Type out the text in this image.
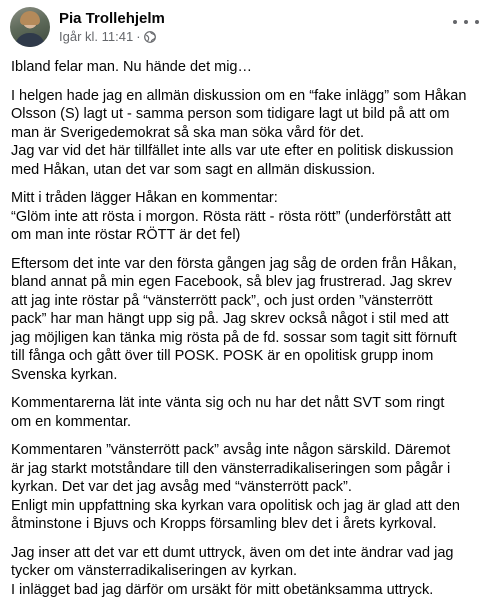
Pia Trollehjelm
Igår kl. 11:41 ·

Ibland felar man. Nu hände det mig…

I helgen hade jag en allmän diskussion om en “fake inlägg” som Håkan
Olsson (S) lagt ut - samma person som tidigare lagt ut bild på att om
man är Sverigedemokrat så ska man söka vård för det.
Jag var vid det här tillfället inte alls var ute efter en politisk diskussion
med Håkan, utan det var som sagt en allmän diskussion.

Mitt i tråden lägger Håkan en kommentar:
“Glöm inte att rösta i morgon. Rösta rätt - rösta rött” (underförstått att
om man inte röstar RÖTT är det fel)

Eftersom det inte var den första gången jag såg de orden från Håkan,
bland annat på min egen Facebook, så blev jag frustrerad. Jag skrev
att jag inte röstar på “vänsterrött pack”, och just orden ”vänsterrött
pack” har man hängt upp sig på. Jag skrev också något i stil med att
jag möjligen kan tänka mig rösta på de fd. sossar som tagit sitt förnuft
till fånga och gått över till POSK. POSK är en opolitisk grupp inom
Svenska kyrkan.

Kommentarerna lät inte vänta sig och nu har det nått SVT som ringt
om en kommentar.

Kommentaren ”vänsterrött pack” avsåg inte någon särskild. Däremot
är jag starkt motståndare till den vänsterradikaliseringen som pågår i
kyrkan. Det var det jag avsåg med “vänsterrött pack”.
Enligt min uppfattning ska kyrkan vara opolitisk och jag är glad att den
åtminstone i Bjuvs och Kropps församling blev det i årets kyrkoval.

Jag inser att det var ett dumt uttryck, även om det inte ändrar vad jag
tycker om vänsterradikaliseringen av kyrkan.
I inlägget bad jag därför om ursäkt för mitt obetänksamma uttryck.
